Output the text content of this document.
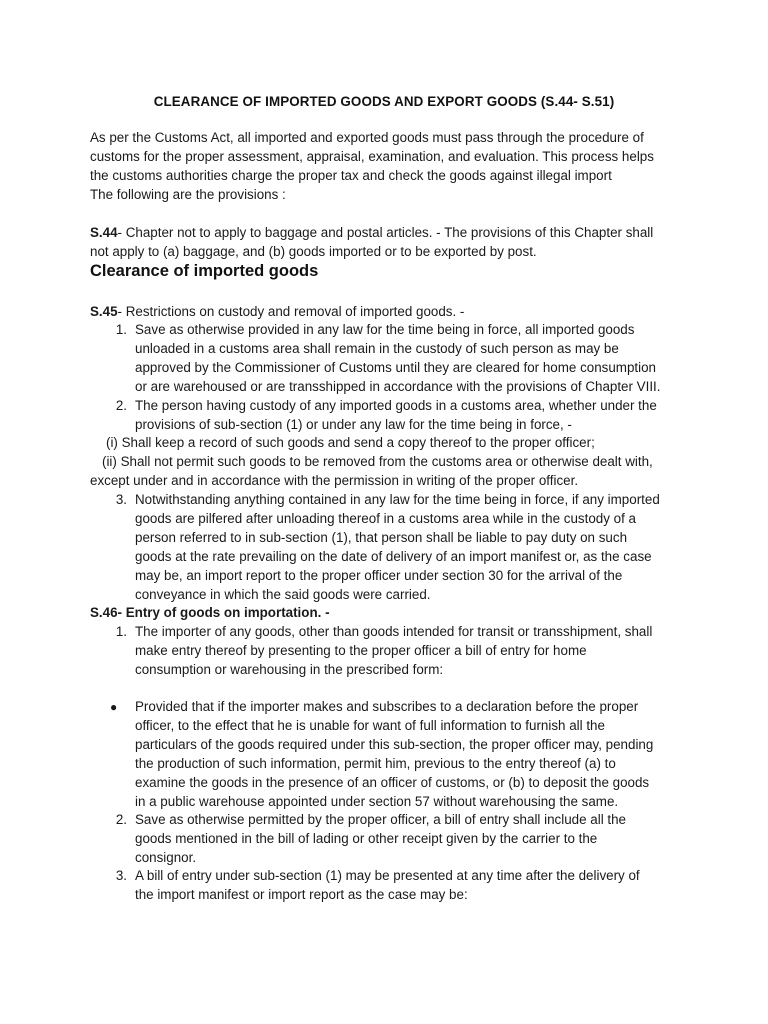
CLEARANCE OF IMPORTED GOODS AND EXPORT GOODS (S.44- S.51)
As per the Customs Act, all imported and exported goods must pass through the procedure of
customs for the proper assessment, appraisal, examination, and evaluation. This process helps
the customs authorities charge the proper tax and check the goods against illegal import
The following are the provisions :
S.44- Chapter not to apply to baggage and postal articles. - The provisions of this Chapter shall
not apply to (a) baggage, and (b) goods imported or to be exported by post.
Clearance of imported goods
S.45- Restrictions on custody and removal of imported goods. -
1. Save as otherwise provided in any law for the time being in force, all imported goods
unloaded in a customs area shall remain in the custody of such person as may be
approved by the Commissioner of Customs until they are cleared for home consumption
or are warehoused or are transshipped in accordance with the provisions of Chapter VIII.
2. The person having custody of any imported goods in a customs area, whether under the
provisions of sub-section (1) or under any law for the time being in force, -
(i) Shall keep a record of such goods and send a copy thereof to the proper officer;
(ii) Shall not permit such goods to be removed from the customs area or otherwise dealt with,
except under and in accordance with the permission in writing of the proper officer.
3. Notwithstanding anything contained in any law for the time being in force, if any imported
goods are pilfered after unloading thereof in a customs area while in the custody of a
person referred to in sub-section (1), that person shall be liable to pay duty on such
goods at the rate prevailing on the date of delivery of an import manifest or, as the case
may be, an import report to the proper officer under section 30 for the arrival of the
conveyance in which the said goods were carried.
S.46- Entry of goods on importation. -
1. The importer of any goods, other than goods intended for transit or transshipment, shall
make entry thereof by presenting to the proper officer a bill of entry for home
consumption or warehousing in the prescribed form:
● Provided that if the importer makes and subscribes to a declaration before the proper
officer, to the effect that he is unable for want of full information to furnish all the
particulars of the goods required under this sub-section, the proper officer may, pending
the production of such information, permit him, previous to the entry thereof (a) to
examine the goods in the presence of an officer of customs, or (b) to deposit the goods
in a public warehouse appointed under section 57 without warehousing the same.
2. Save as otherwise permitted by the proper officer, a bill of entry shall include all the
goods mentioned in the bill of lading or other receipt given by the carrier to the
consignor.
3. A bill of entry under sub-section (1) may be presented at any time after the delivery of
the import manifest or import report as the case may be:
